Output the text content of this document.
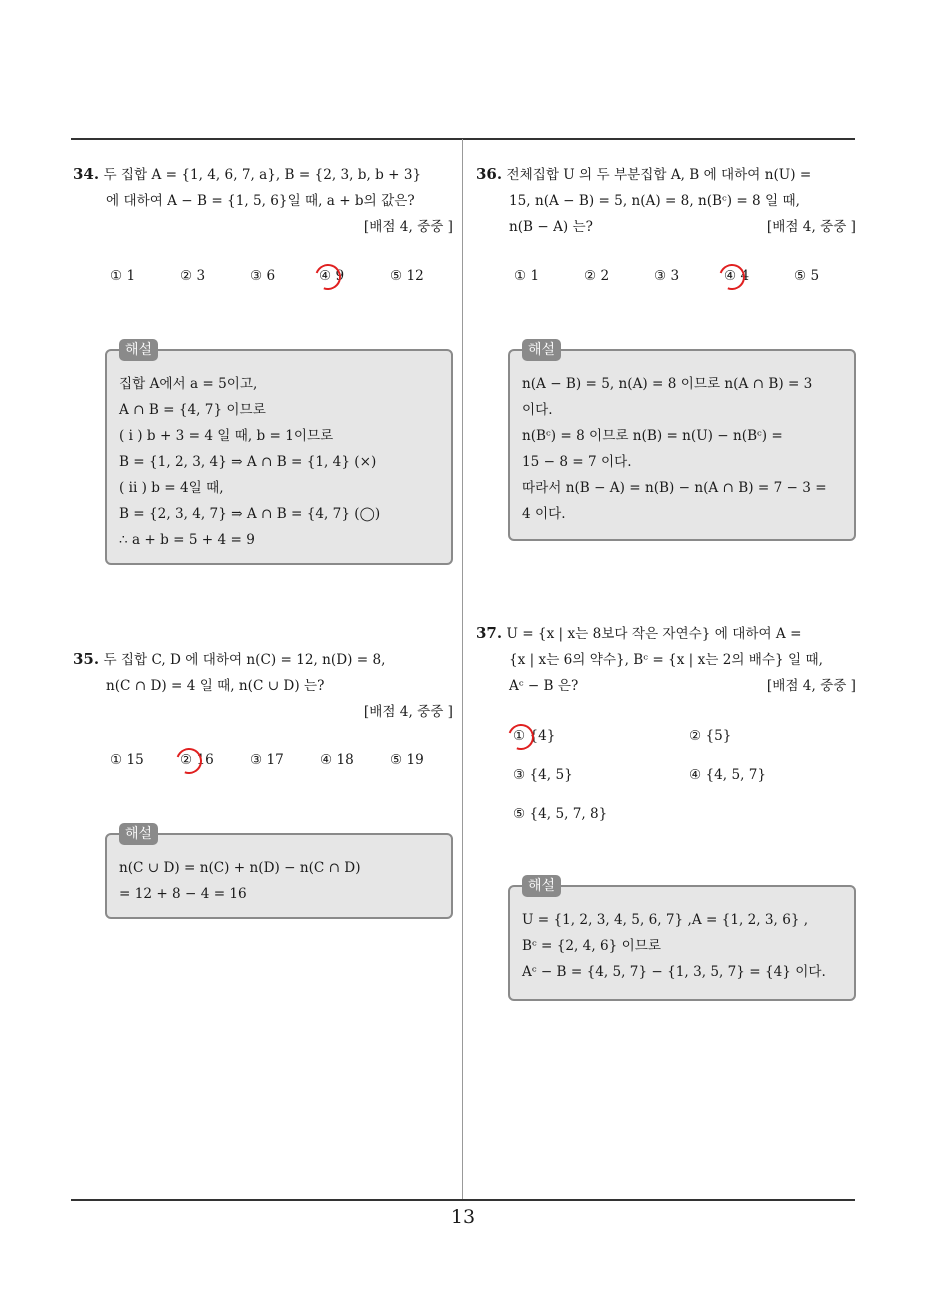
34. 두 집합 A = {1, 4, 6, 7, a}, B = {2, 3, b, b + 3}
에 대하여 A − B = {1, 5, 6}일 때, a + b의 값은?
[배점 4, 중중 ]
① 1	② 3	③ 6	④ 9	⑤ 12
해설
집합 A에서 a = 5이고,
A ∩ B = {4, 7} 이므로
( i ) b + 3 = 4 일 때, b = 1이므로
B = {1, 2, 3, 4} ⇒ A ∩ B = {1, 4} (×)
( ii ) b = 4일 때,
B = {2, 3, 4, 7} ⇒ A ∩ B = {4, 7} (◯)
∴ a + b = 5 + 4 = 9
35. 두 집합 C, D 에 대하여 n(C) = 12, n(D) = 8,
n(C ∩ D) = 4 일 때, n(C ∪ D) 는?
[배점 4, 중중 ]
① 15	② 16	③ 17	④ 18	⑤ 19
해설
n(C ∪ D) = n(C) + n(D) − n(C ∩ D)
= 12 + 8 − 4 = 16
36. 전체집합 U 의 두 부분집합 A, B 에 대하여 n(U) =
15, n(A − B) = 5, n(A) = 8, n(Bᶜ) = 8 일 때,
n(B − A) 는?	[배점 4, 중중 ]
① 1	② 2	③ 3	④ 4	⑤ 5
해설
n(A − B) = 5, n(A) = 8 이므로 n(A ∩ B) = 3
이다.
n(Bᶜ) = 8 이므로 n(B) = n(U) − n(Bᶜ) =
15 − 8 = 7 이다.
따라서 n(B − A) = n(B) − n(A ∩ B) = 7 − 3 =
4 이다.
37. U = {x | x는 8보다 작은 자연수} 에 대하여 A =
{x | x는 6의 약수}, Bᶜ = {x | x는 2의 배수} 일 때,
Aᶜ − B 은?	[배점 4, 중중 ]
① {4}	② {5}
③ {4, 5}	④ {4, 5, 7}
⑤ {4, 5, 7, 8}
해설
U = {1, 2, 3, 4, 5, 6, 7} ,A = {1, 2, 3, 6} ,
Bᶜ = {2, 4, 6} 이므로
Aᶜ − B = {4, 5, 7} − {1, 3, 5, 7} = {4} 이다.
13
